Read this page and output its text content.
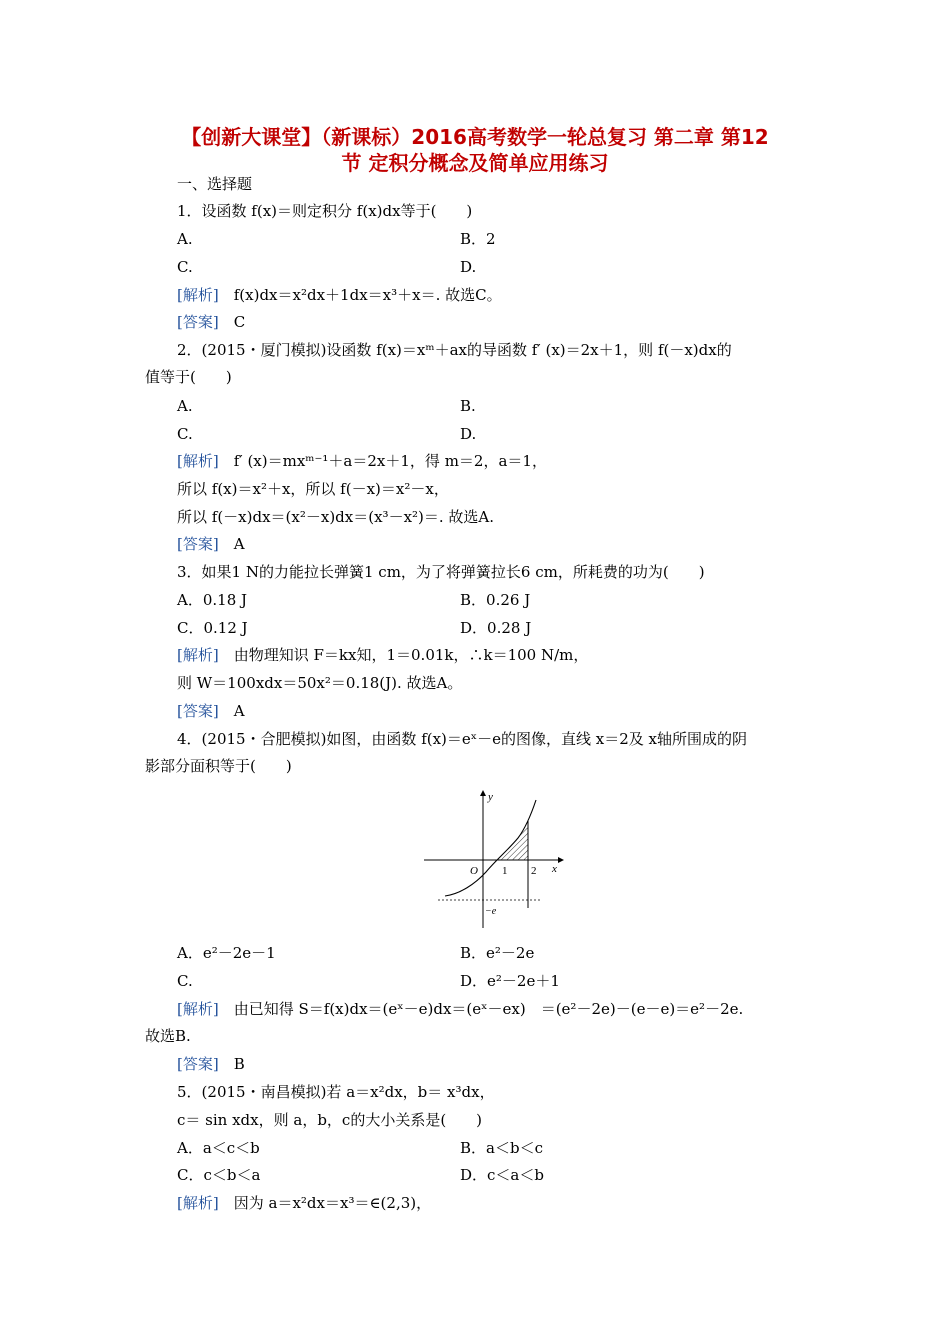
【创新大课堂】（新课标）2016高考数学一轮总复习 第二章 第12
节 定积分概念及简单应用练习
一、选择题
1．设函数 f(x)＝则定积分 f(x)dx等于(　　)
A.	B．2
C.	D.
[解析]　 f(x)dx＝x²dx＋1dx＝x³＋x＝. 故选C。
[答案]　 C
2．(2015・厦门模拟)设函数 f(x)＝xᵐ＋ax的导函数 f′ (x)＝2x＋1，则 f(－x)dx的
值等于(　　)
A.	B.
C.	D.
[解析]　 f′ (x)＝mxᵐ⁻¹＋a＝2x＋1，得 m＝2，a＝1，
所以 f(x)＝x²＋x，所以 f(－x)＝x²－x，
所以 f(－x)dx＝(x²－x)dx＝(x³－x²)＝. 故选A.
[答案]　 A
3．如果1 N的力能拉长弹簧1 cm，为了将弹簧拉长6 cm，所耗费的功为(　　)
A．0.18 J	B．0.26 J
C．0.12 J	D．0.28 J
[解析]　 由物理知识 F＝kx知，1＝0.01k，∴k＝100 N/m，
则 W＝100xdx＝50x²＝0.18(J). 故选A。
[答案]　 A
4．(2015・合肥模拟)如图，由函数 f(x)＝eˣ－e的图像，直线 x＝2及 x轴所围成的阴
影部分面积等于(　　)
y
x
O 1 2
−e
A．e²－2e－1	B．e²－2e
C.	D．e²－2e＋1
[解析]　 由已知得 S＝f(x)dx＝(eˣ－e)dx＝(eˣ－ex)　＝(e²－2e)－(e－e)＝e²－2e.
故选B.
[答案]　 B
5．(2015・南昌模拟)若 a＝x²dx，b＝ x³dx，
c＝ sin xdx，则 a，b，c的大小关系是(　　)
A．a＜c＜b	B．a＜b＜c
C．c＜b＜a	D．c＜a＜b
[解析]　 因为 a＝x²dx＝x³＝∈(2,3)，
